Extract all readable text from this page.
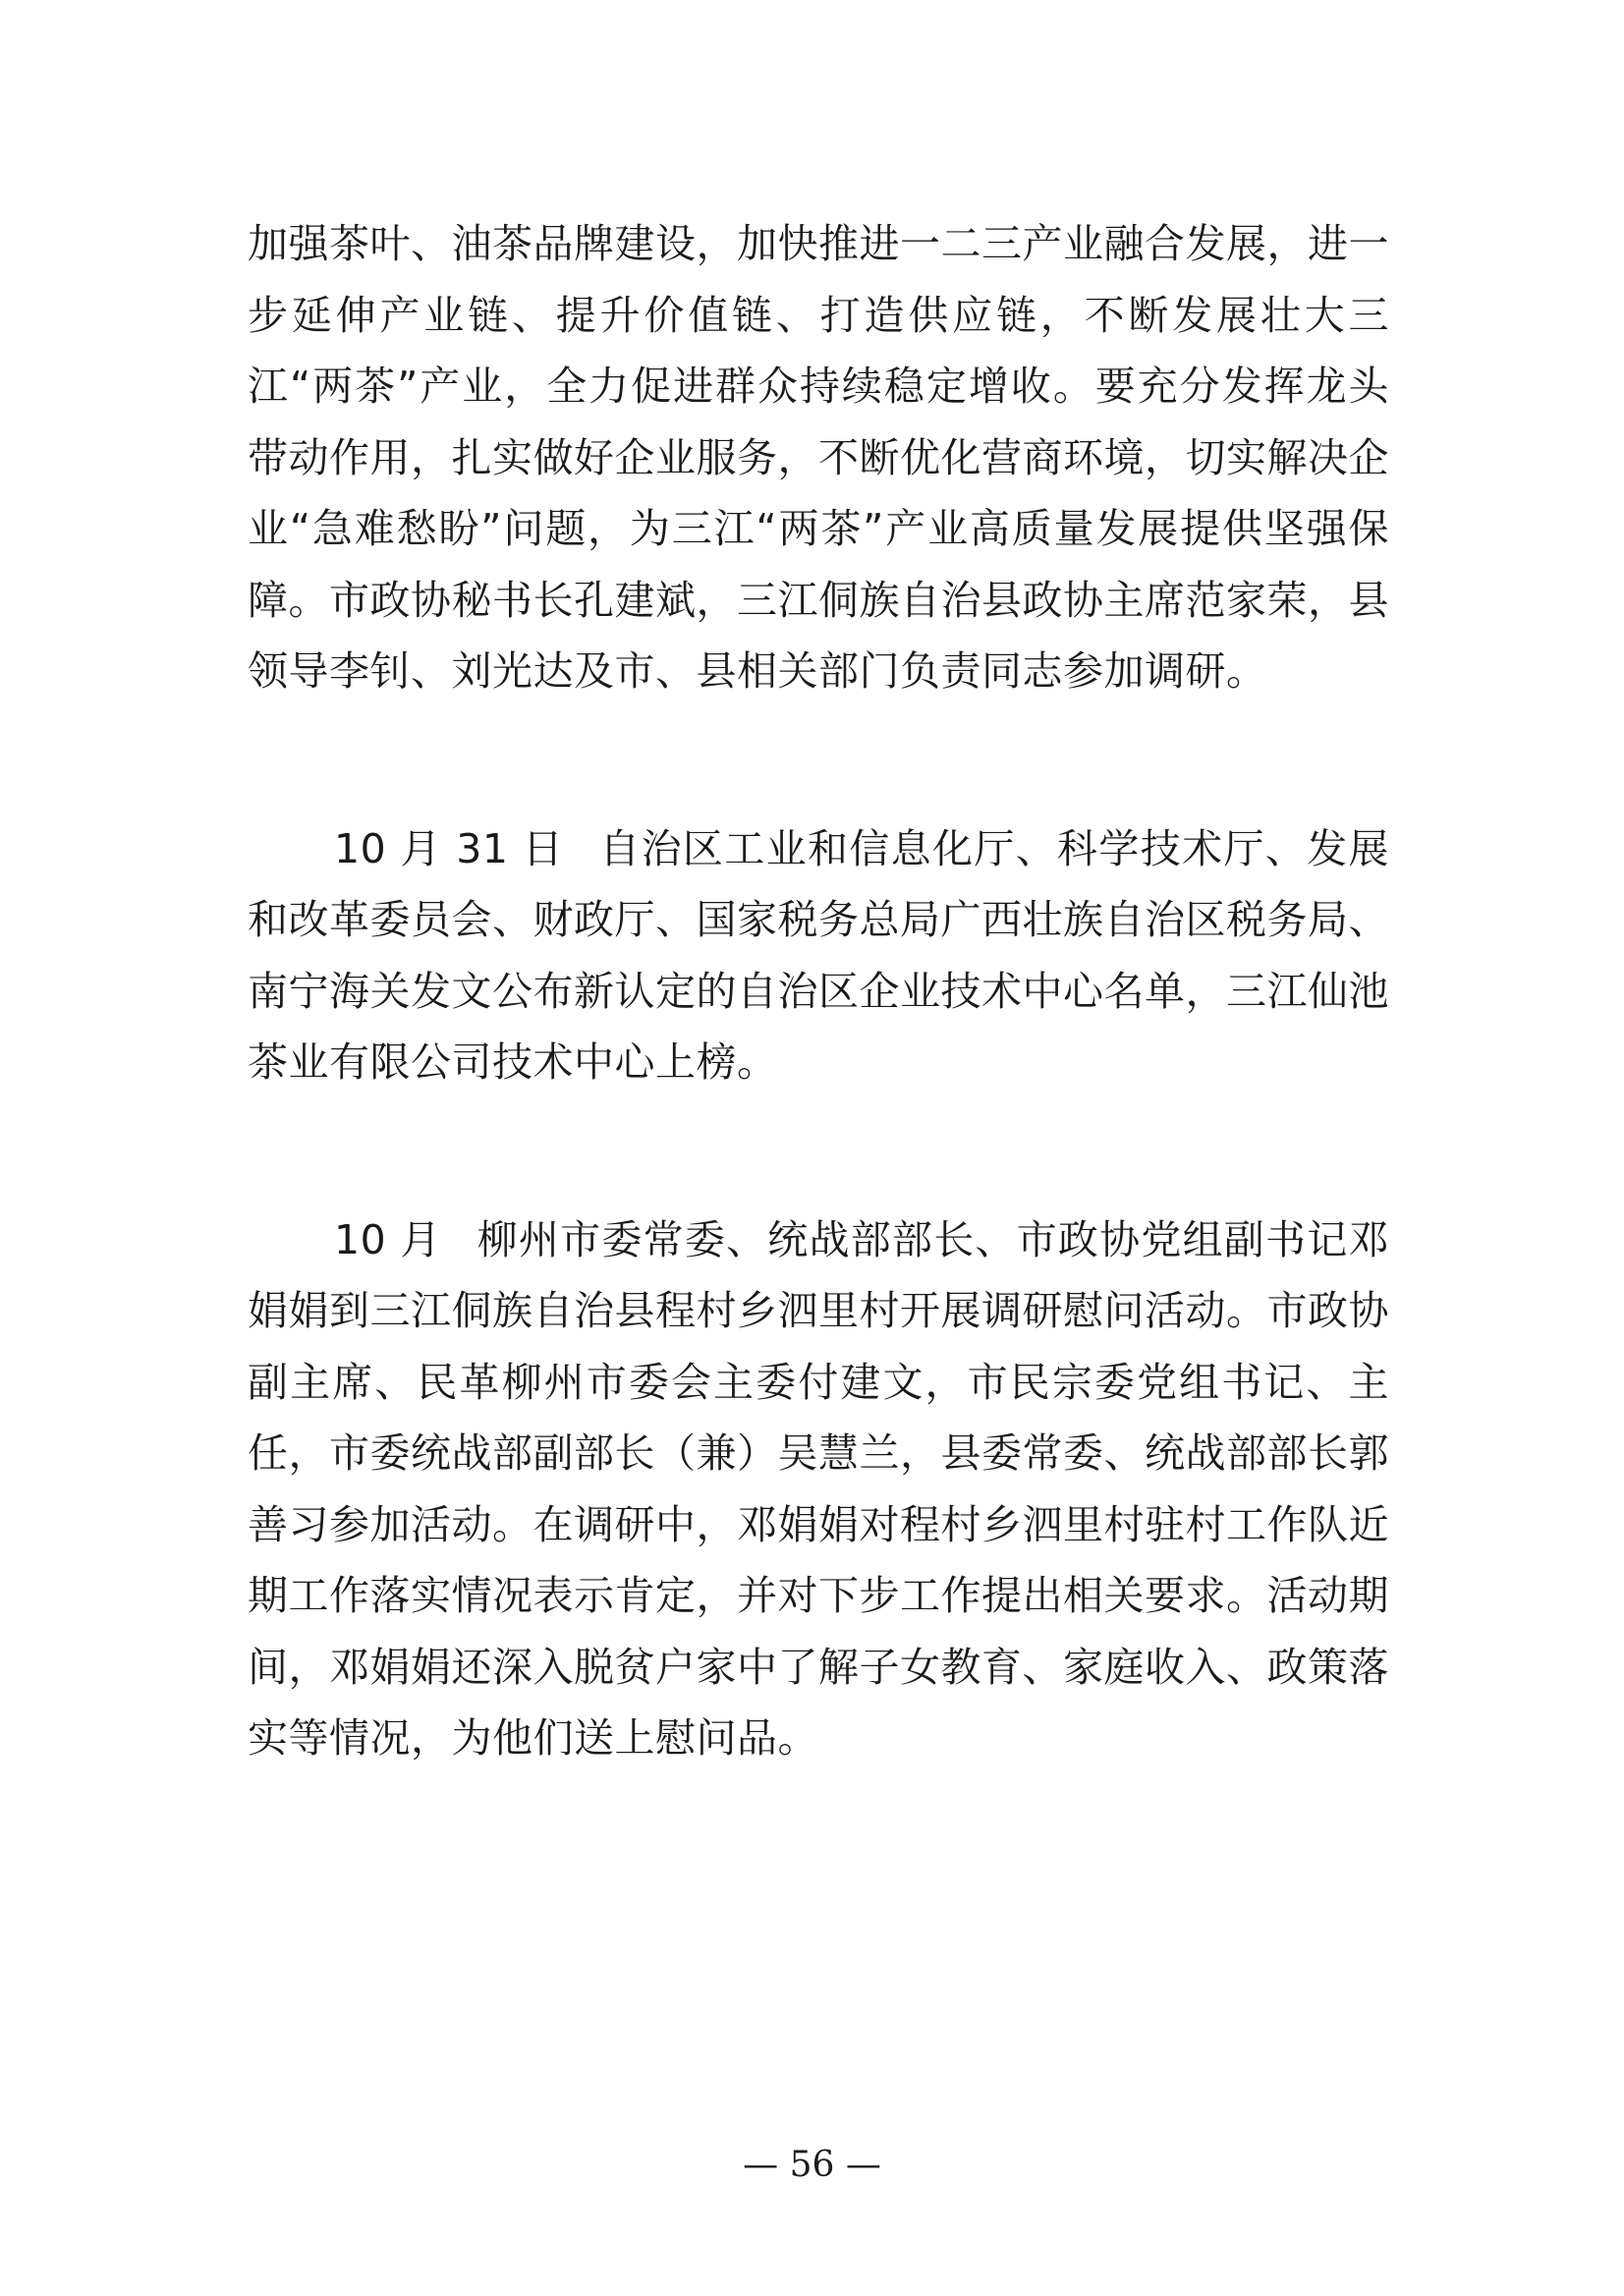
加强茶叶、油茶品牌建设，加快推进一二三产业融合发展，进一步延伸产业链、提升价值链、打造供应链，不断发展壮大三江“两茶”产业，全力促进群众持续稳定增收。要充分发挥龙头带动作用，扎实做好企业服务，不断优化营商环境，切实解决企业“急难愁盼”问题，为三江“两茶”产业高质量发展提供坚强保障。市政协秘书长孔建斌，三江侗族自治县政协主席范家荣，县领导李钊、刘光达及市、县相关部门负责同志参加调研。

10 月 31 日 自治区工业和信息化厅、科学技术厅、发展和改革委员会、财政厅、国家税务总局广西壮族自治区税务局、南宁海关发文公布新认定的自治区企业技术中心名单，三江仙池茶业有限公司技术中心上榜。

10 月 柳州市委常委、统战部部长、市政协党组副书记邓娟娟到三江侗族自治县程村乡泗里村开展调研慰问活动。市政协副主席、民革柳州市委会主委付建文，市民宗委党组书记、主任，市委统战部副部长（兼）吴慧兰，县委常委、统战部部长郭善习参加活动。在调研中，邓娟娟对程村乡泗里村驻村工作队近期工作落实情况表示肯定，并对下步工作提出相关要求。活动期间，邓娟娟还深入脱贫户家中了解子女教育、家庭收入、政策落实等情况，为他们送上慰问品。

— 56 —
